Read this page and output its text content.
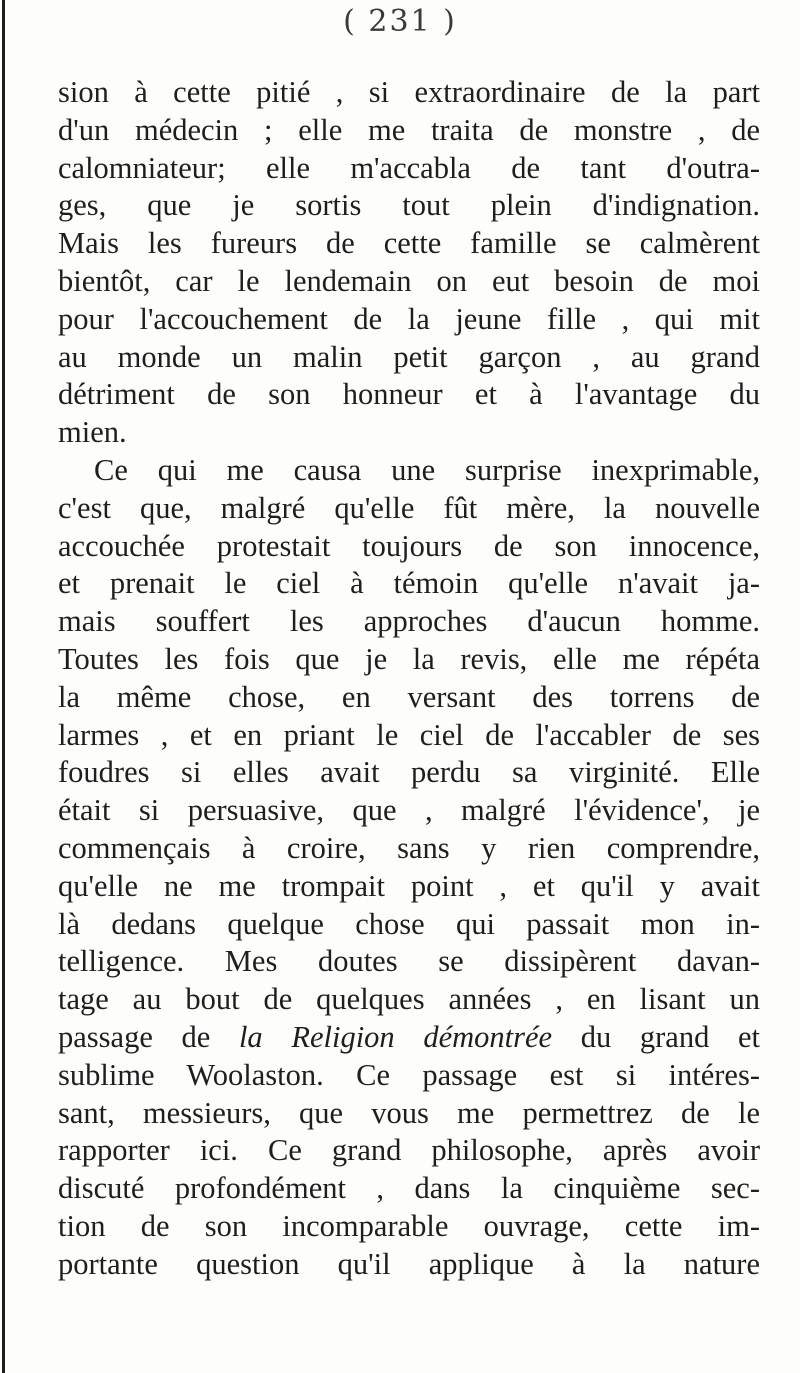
( 231 )
sion à cette pitié , si extraordinaire de la part
d'un médecin ; elle me traita de monstre , de
calomniateur; elle m'accabla de tant d'outra-
ges, que je sortis tout plein d'indignation.
Mais les fureurs de cette famille se calmèrent
bientôt, car le lendemain on eut besoin de moi
pour l'accouchement de la jeune fille , qui mit
au monde un malin petit garçon , au grand
détriment de son honneur et à l'avantage du
mien.
Ce qui me causa une surprise inexprimable,
c'est que, malgré qu'elle fût mère, la nouvelle
accouchée protestait toujours de son innocence,
et prenait le ciel à témoin qu'elle n'avait ja-
mais souffert les approches d'aucun homme.
Toutes les fois que je la revis, elle me répéta
la même chose, en versant des torrens de
larmes , et en priant le ciel de l'accabler de ses
foudres si elles avait perdu sa virginité. Elle
était si persuasive, que , malgré l'évidence', je
commençais à croire, sans y rien comprendre,
qu'elle ne me trompait point , et qu'il y avait
là dedans quelque chose qui passait mon in-
telligence. Mes doutes se dissipèrent davan-
tage au bout de quelques années , en lisant un
passage de la Religion démontrée du grand et
sublime Woolaston. Ce passage est si intéres-
sant, messieurs, que vous me permettrez de le
rapporter ici. Ce grand philosophe, après avoir
discuté profondément , dans la cinquième sec-
tion de son incomparable ouvrage, cette im-
portante question qu'il applique à la nature
